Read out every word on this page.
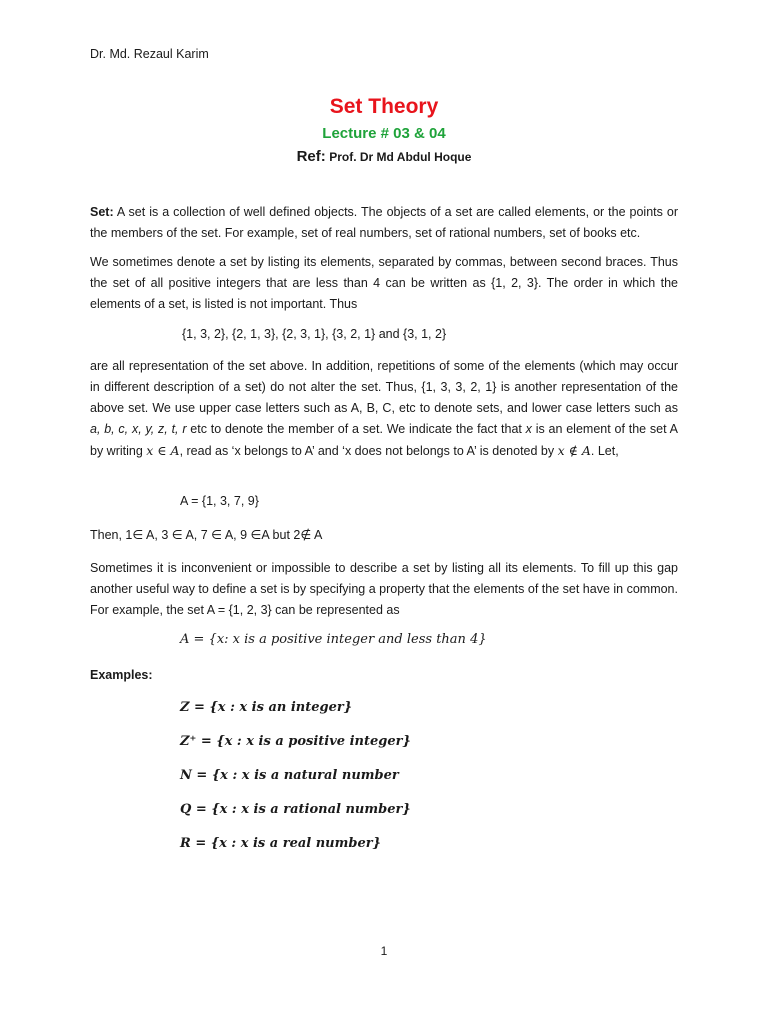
Dr. Md. Rezaul Karim
Set Theory
Lecture # 03 & 04
Ref: Prof. Dr Md Abdul Hoque

Set: A set is a collection of well defined objects. The objects of a set are called elements, or the points or the members of the set. For example, set of real numbers, set of rational numbers, set of books etc.

We sometimes denote a set by listing its elements, separated by commas, between second braces. Thus the set of all positive integers that are less than 4 can be written as {1, 2, 3}. The order in which the elements of a set, is listed is not important. Thus

{1, 3, 2}, {2, 1, 3}, {2, 3, 1}, {3, 2, 1} and {3, 1, 2}

are all representation of the set above. In addition, repetitions of some of the elements (which may occur in different description of a set) do not alter the set. Thus, {1, 3, 3, 2, 1} is another representation of the above set. We use upper case letters such as A, B, C, etc to denote sets, and lower case letters such as a, b, c, x, y, z, t, r etc to denote the member of a set. We indicate the fact that x is an element of the set A by writing x ∈ A, read as ‘x belongs to A’ and ‘x does not belongs to A’ is denoted by x ∉ A. Let,

A = {1, 3, 7, 9}
Then, 1∈ A, 3 ∈ A, 7 ∈ A, 9 ∈A but 2∉ A

Sometimes it is inconvenient or impossible to describe a set by listing all its elements. To fill up this gap another useful way to define a set is by specifying a property that the elements of the set have in common. For example, the set A = {1, 2, 3} can be represented as

A = {x: x is a positive integer and less than 4}
Examples:
Z = {x : x is an integer}
Z⁺ = {x : x is a positive integer}
N = {x : x is a natural number
Q = {x : x is a rational number}
R = {x : x is a real number}
1
